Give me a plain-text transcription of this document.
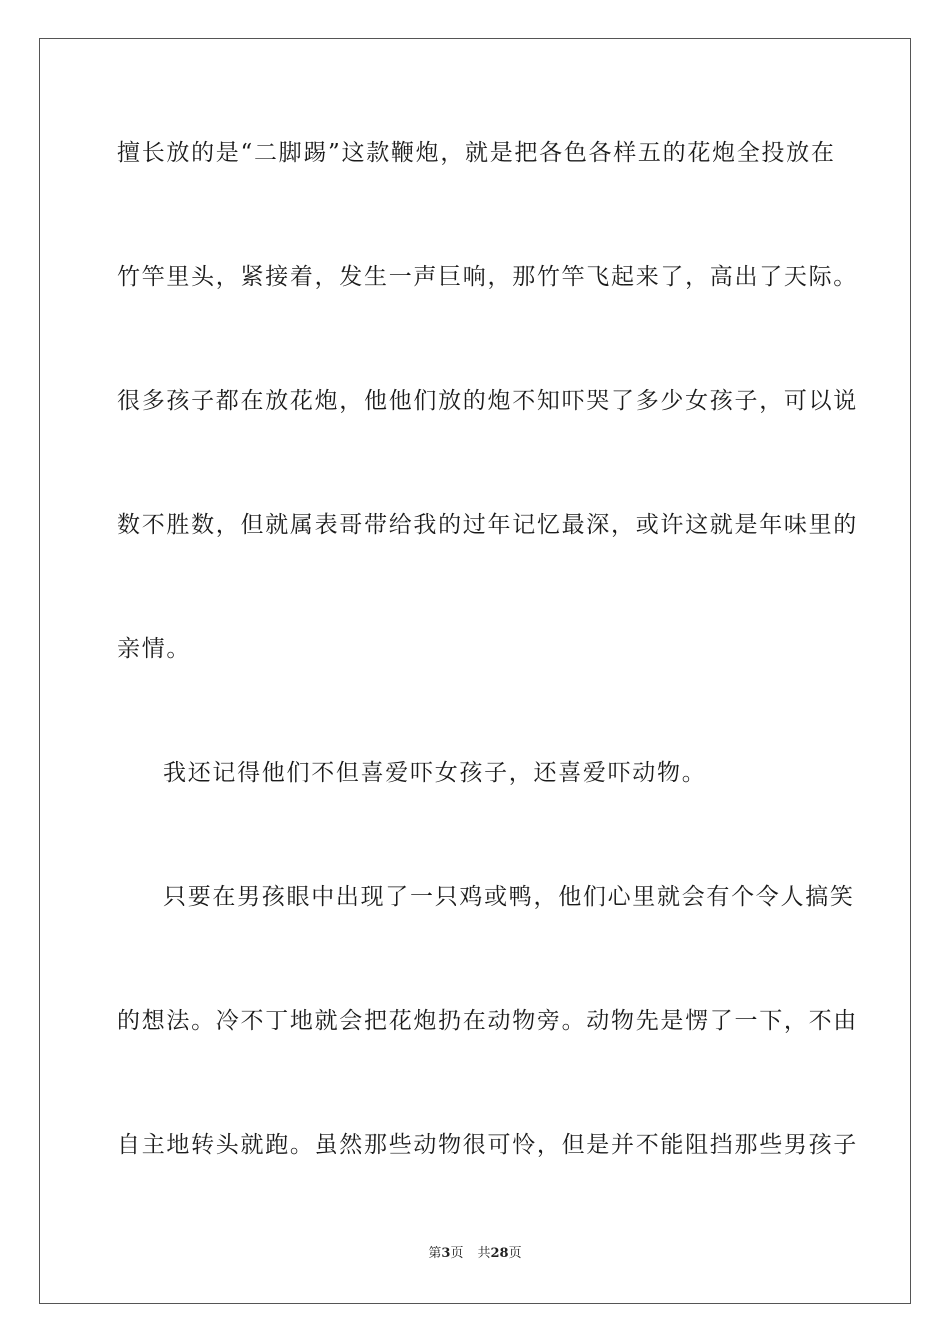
擅长放的是“二脚踢”这款鞭炮，就是把各色各样五的花炮全投放在
竹竿里头，紧接着，发生一声巨响，那竹竿飞起来了，高出了天际。
很多孩子都在放花炮，他他们放的炮不知吓哭了多少女孩子，可以说
数不胜数，但就属表哥带给我的过年记忆最深，或许这就是年味里的
亲情。
我还记得他们不但喜爱吓女孩子，还喜爱吓动物。
只要在男孩眼中出现了一只鸡或鸭，他们心里就会有个令人搞笑
的想法。冷不丁地就会把花炮扔在动物旁。动物先是愣了一下，不由
自主地转头就跑。虽然那些动物很可怜，但是并不能阻挡那些男孩子
第3页 共28页
